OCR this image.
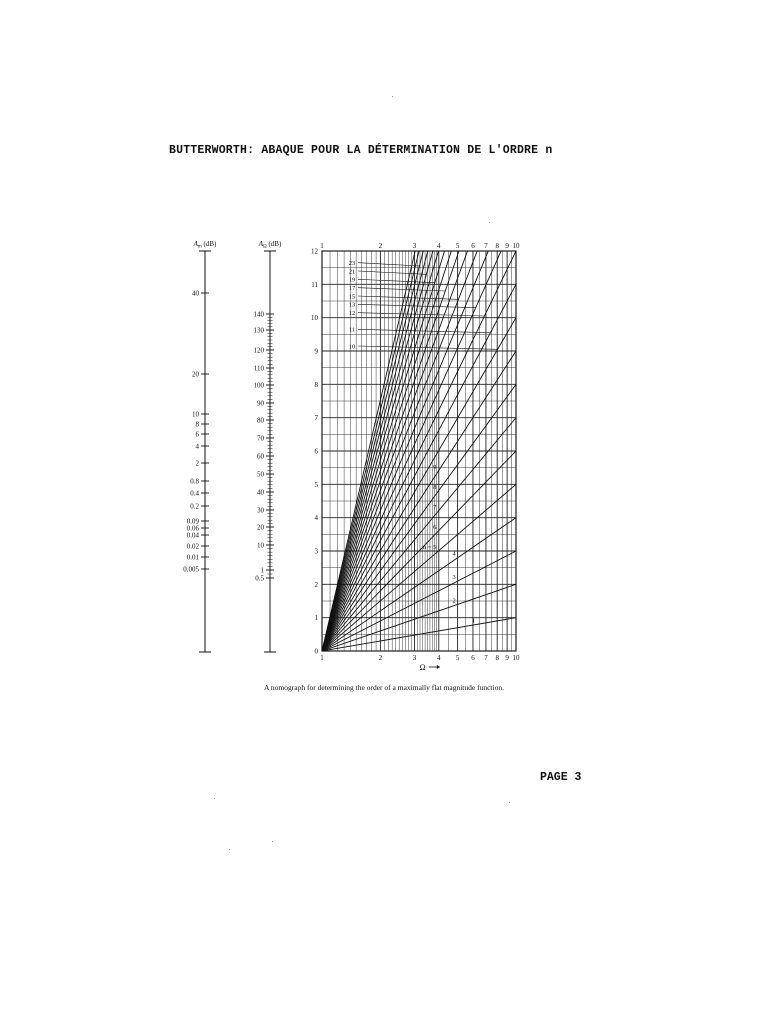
BUTTERWORTH: ABAQUE POUR LA DÉTERMINATION DE L'ORDRE n
$A_m$ (dB)
40
20
10
8
6
4
2
0.8
0.4
0.2
0.09
0.06
0.04
0.02
0.01
0.005
$A_\Omega$ (dB)
140
130
120
110
100
90
80
70
60
50
40
30
20
10
1
0.5
1
2
3
4
n = 5
6
7
8
9
10
11
12
13
15
17
19
21
23
1
1
2
2
3
3
4
4
5
5
6
6
7
7
8
8
9
9
10
10
Ω
0
1
2
3
4
5
6
7
8
9
10
11
12
A nomograph for determining the order of a maximally flat magnitude function.
PAGE 3
